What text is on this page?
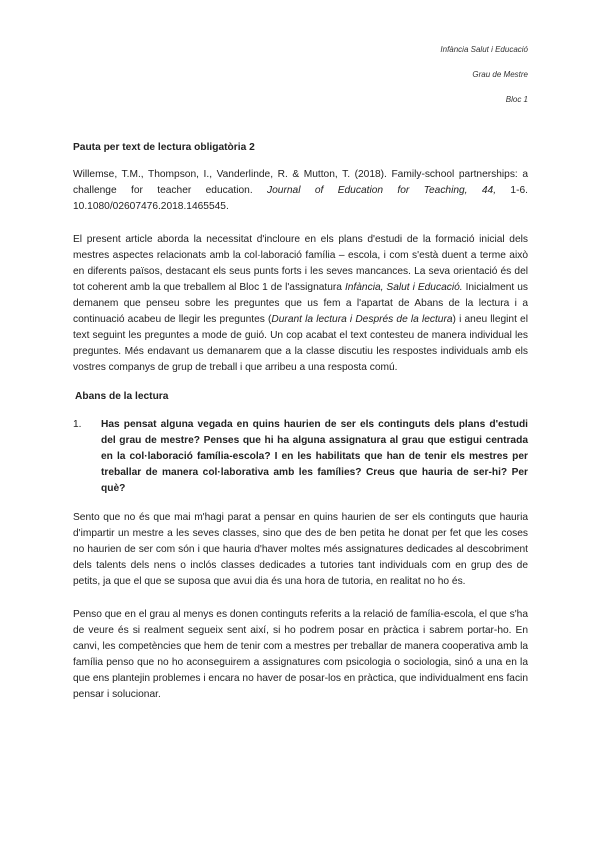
Infància Salut i Educació
Grau de Mestre
Bloc 1
Pauta per text de lectura obligatòria 2
Willemse, T.M., Thompson, I., Vanderlinde, R. & Mutton, T. (2018). Family-school partnerships: a challenge for teacher education. Journal of Education for Teaching, 44, 1-6. 10.1080/02607476.2018.1465545.

El present article aborda la necessitat d'incloure en els plans d'estudi de la formació inicial dels mestres aspectes relacionats amb la col·laboració família – escola, i com s'està duent a terme això en diferents països, destacant els seus punts forts i les seves mancances. La seva orientació és del tot coherent amb la que treballem al Bloc 1 de l'assignatura Infància, Salut i Educació. Inicialment us demanem que penseu sobre les preguntes que us fem a l'apartat de Abans de la lectura i a continuació acabeu de llegir les preguntes (Durant la lectura i Després de la lectura) i aneu llegint el text seguint les preguntes a mode de guió. Un cop acabat el text contesteu de manera individual les preguntes. Més endavant us demanarem que a la classe discutiu les respostes individuals amb els vostres companys de grup de treball i que arribeu a una resposta comú.

Abans de la lectura
1.	Has pensat alguna vegada en quins haurien de ser els continguts dels plans d'estudi del grau de mestre? Penses que hi ha alguna assignatura al grau que estigui centrada en la col·laboració família-escola? I en les habilitats que han de tenir els mestres per treballar de manera col·laborativa amb les famílies? Creus que hauria de ser-hi? Per què?
Sento que no és que mai m'hagi parat a pensar en quins haurien de ser els continguts que hauria d'impartir un mestre a les seves classes, sino que des de ben petita he donat per fet que les coses no haurien de ser com són i que hauria d'haver moltes més assignatures dedicades al descobriment dels talents dels nens o inclós classes dedicades a tutories tant individuals com en grup des de petits, ja que el que se suposa que avui dia és una hora de tutoria, en realitat no ho és.
Penso que en el grau al menys es donen continguts referits a la relació de família-escola, el que s'ha de veure és si realment segueix sent així, si ho podrem posar en pràctica i sabrem portar-ho. En canvi, les competències que hem de tenir com a mestres per treballar de manera cooperativa amb la família penso que no ho aconseguirem a assignatures com psicologia o sociologia, sinó a una en la que ens plantejin problemes i encara no haver de posar-los en pràctica, que individualment ens facin pensar i solucionar.
